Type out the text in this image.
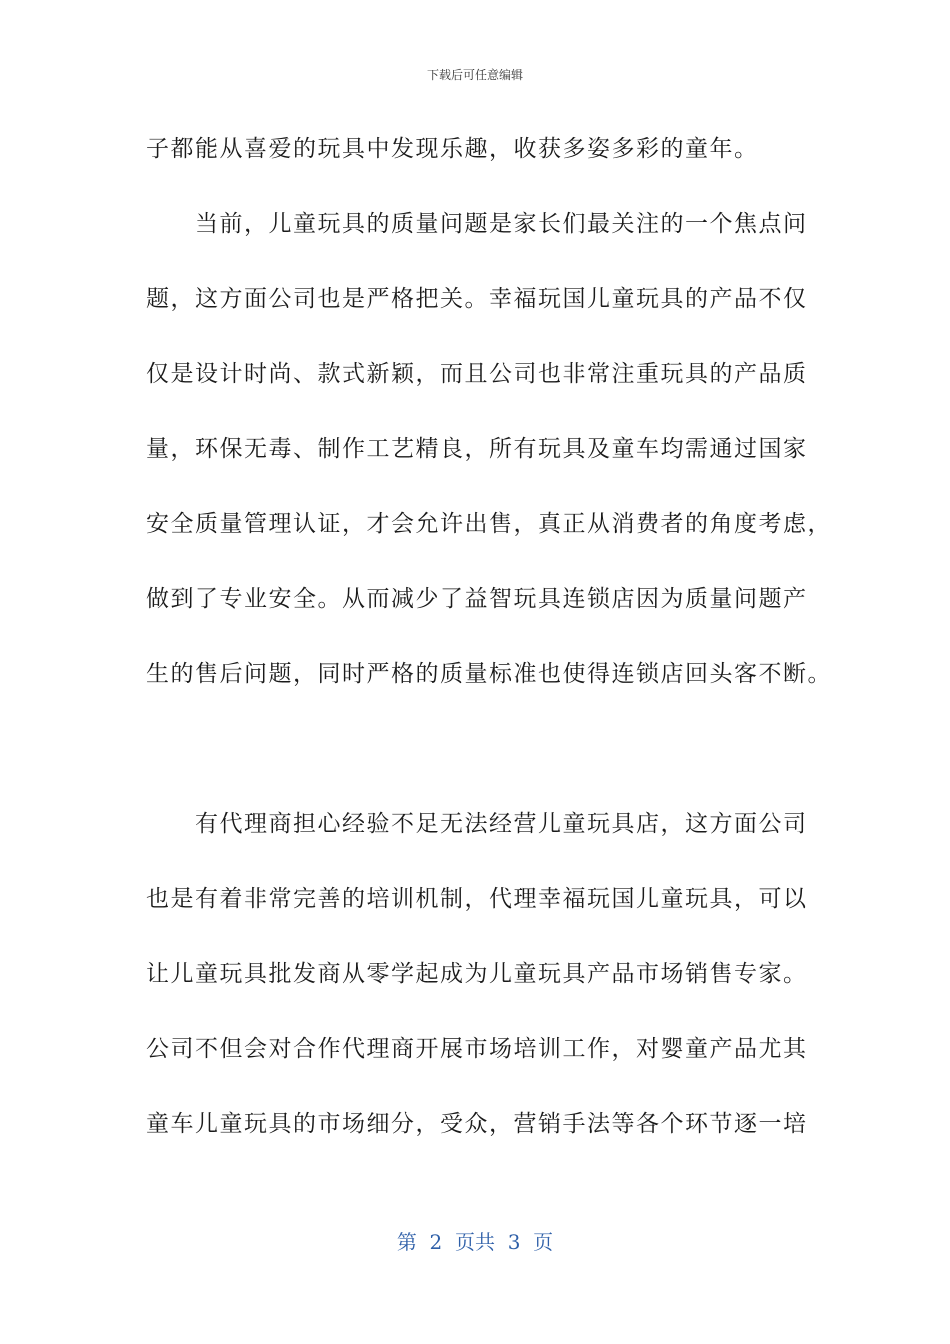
下载后可任意编辑
子都能从喜爱的玩具中发现乐趣，收获多姿多彩的童年。
　　当前，儿童玩具的质量问题是家长们最关注的一个焦点问
题，这方面公司也是严格把关。幸福玩国儿童玩具的产品不仅
仅是设计时尚、款式新颖，而且公司也非常注重玩具的产品质
量，环保无毒、制作工艺精良，所有玩具及童车均需通过国家
安全质量管理认证，才会允许出售，真正从消费者的角度考虑，
做到了专业安全。从而减少了益智玩具连锁店因为质量问题产
生的售后问题，同时严格的质量标准也使得连锁店回头客不断。
　　有代理商担心经验不足无法经营儿童玩具店，这方面公司
也是有着非常完善的培训机制，代理幸福玩国儿童玩具，可以
让儿童玩具批发商从零学起成为儿童玩具产品市场销售专家。
公司不但会对合作代理商开展市场培训工作，对婴童产品尤其
童车儿童玩具的市场细分，受众，营销手法等各个环节逐一培
第  2  页共  3  页
